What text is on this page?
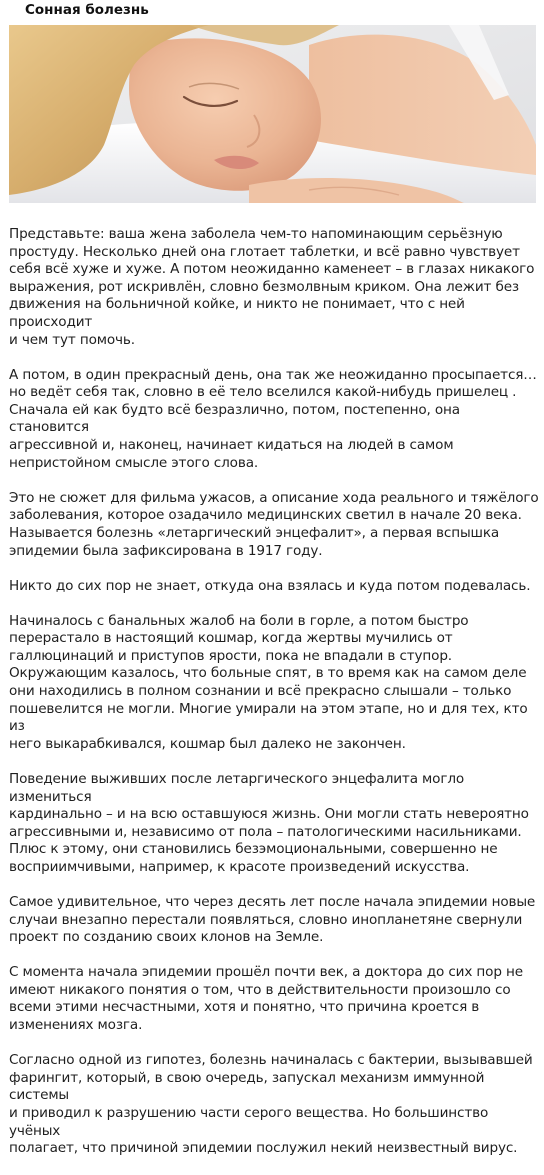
Сонная болезнь

Представьте: ваша жена заболела чем-то напоминающим серьёзную
простуду. Несколько дней она глотает таблетки, и всё равно чувствует
себя всё хуже и хуже. А потом неожиданно каменеет – в глазах никакого
выражения, рот искривлён, словно безмолвным криком. Она лежит без
движения на больничной койке, и никто не понимает, что с ней происходит
и чем тут помочь.

А потом, в один прекрасный день, она так же неожиданно просыпается…
но ведёт себя так, словно в её тело вселился какой-нибудь пришелец .
Сначала ей как будто всё безразлично, потом, постепенно, она становится
агрессивной и, наконец, начинает кидаться на людей в самом
непристойном смысле этого слова.

Это не сюжет для фильма ужасов, а описание хода реального и тяжёлого
заболевания, которое озадачило медицинских светил в начале 20 века.
Называется болезнь «летаргический энцефалит», а первая вспышка
эпидемии была зафиксирована в 1917 году.

Никто до сих пор не знает, откуда она взялась и куда потом подевалась.

Начиналось с банальных жалоб на боли в горле, а потом быстро
перерастало в настоящий кошмар, когда жертвы мучились от
галлюцинаций и приступов ярости, пока не впадали в ступор.
Окружающим казалось, что больные спят, в то время как на самом деле
они находились в полном сознании и всё прекрасно слышали – только
пошевелится не могли. Многие умирали на этом этапе, но и для тех, кто из
него выкарабкивался, кошмар был далеко не закончен.

Поведение выживших после летаргического энцефалита могло измениться
кардинально – и на всю оставшуюся жизнь. Они могли стать невероятно
агрессивными и, независимо от пола – патологическими насильниками.
Плюс к этому, они становились безэмоциональными, совершенно не
восприимчивыми, например, к красоте произведений искусства.

Самое удивительное, что через десять лет после начала эпидемии новые
случаи внезапно перестали появляться, словно инопланетяне свернули
проект по созданию своих клонов на Земле.

С момента начала эпидемии прошёл почти век, а доктора до сих пор не
имеют никакого понятия о том, что в действительности произошло со
всеми этими несчастными, хотя и понятно, что причина кроется в
изменениях мозга.

Согласно одной из гипотез, болезнь начиналась с бактерии, вызывавшей
фарингит, который, в свою очередь, запускал механизм иммунной системы
и приводил к разрушению части серого вещества. Но большинство учёных
полагает, что причиной эпидемии послужил некий неизвестный вирус.
